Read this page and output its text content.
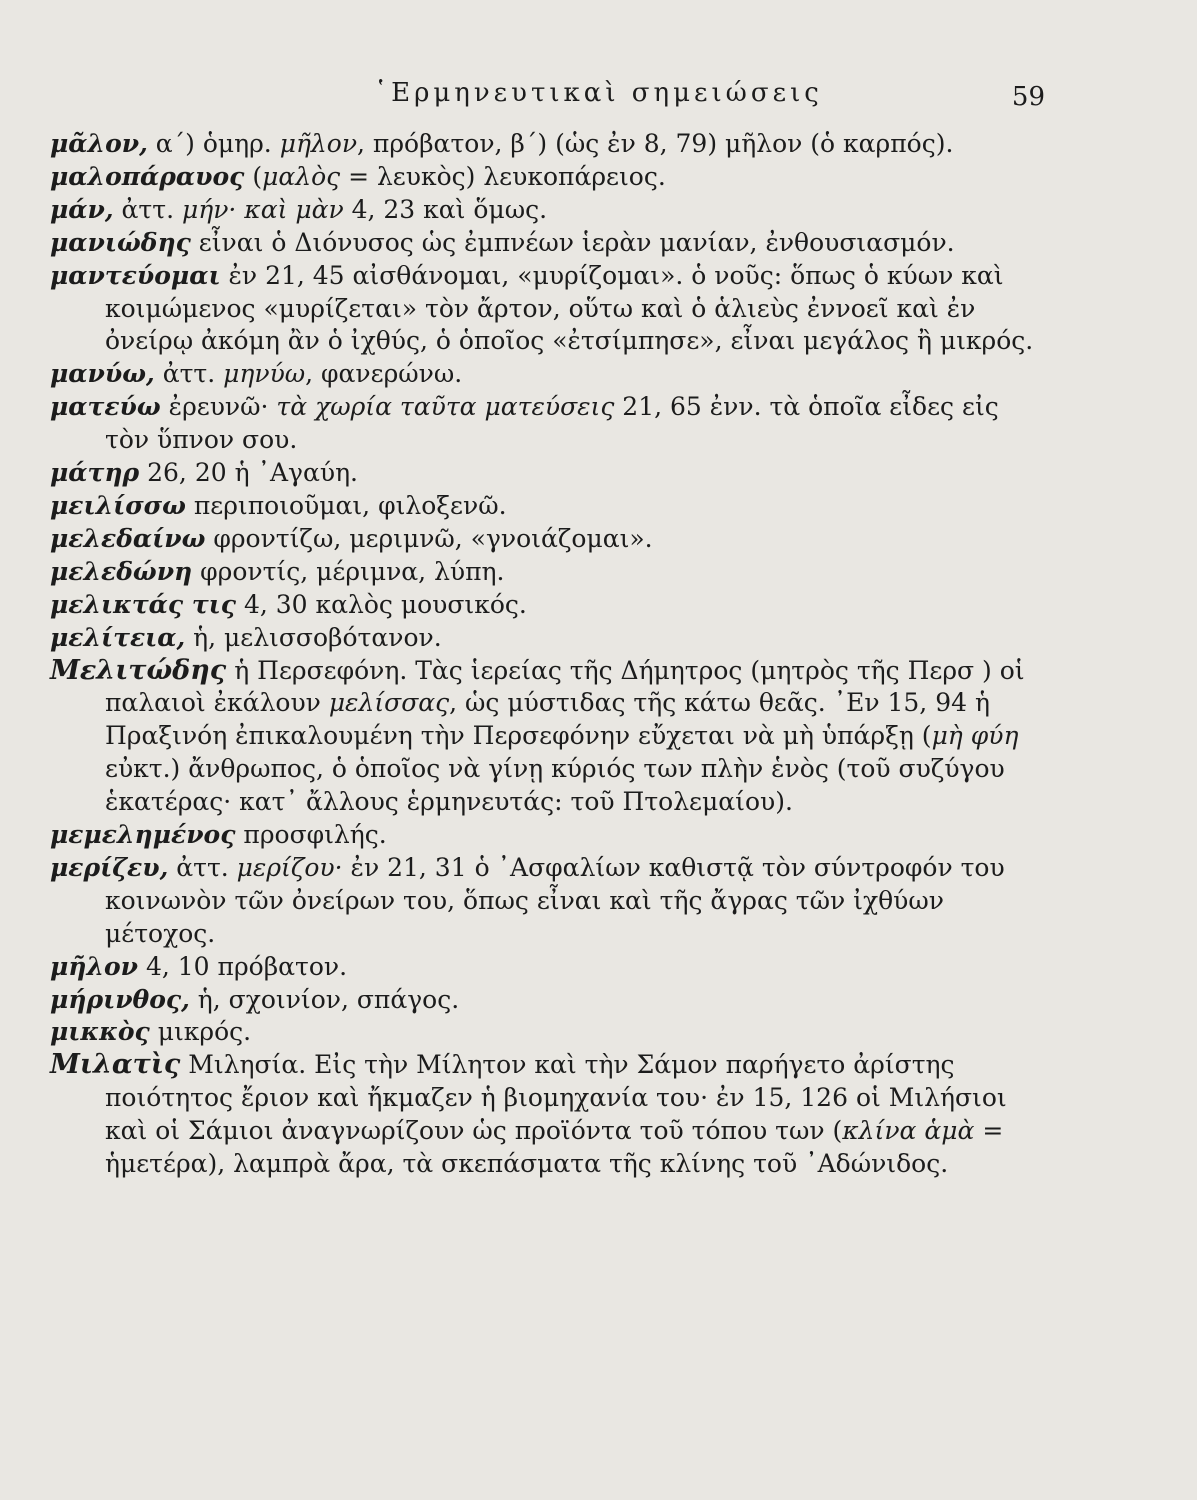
῾Ερμηνευτικαὶ σημειώσεις	59

μᾶλον, α΄) ὁμηρ. μῆλον, πρόβατον, β΄) (ὡς ἐν 8, 79) μῆλον (ὁ καρπός).

μαλοπάραυος (μαλὸς = λευκὸς) λευκοπάρειος.

μάν, ἀττ. μήν· καὶ μὰν 4, 23 καὶ ὅμως.

μανιώδης εἶναι ὁ Διόνυσος ὡς ἐμπνέων ἱερὰν μανίαν, ἐνθουσιασμόν.

μαντεύομαι ἐν 21, 45 αἰσθάνομαι, «μυρίζομαι». ὁ νοῦς: ὅπως ὁ κύων καὶ κοιμώμενος «μυρίζεται» τὸν ἄρτον, οὕτω καὶ ὁ ἁλιεὺς ἐννοεῖ καὶ ἐν ὀνείρῳ ἀκόμη ἂν ὁ ἰχθύς, ὁ ὁποῖος «ἐτσίμπησε», εἶναι μεγάλος ἢ μικρός.

μανύω, ἀττ. μηνύω, φανερώνω.

ματεύω ἐρευνῶ· τὰ χωρία ταῦτα ματεύσεις 21, 65 ἐνν. τὰ ὁποῖα εἶδες εἰς τὸν ὕπνον σου.

μάτηρ 26, 20 ἡ ᾿Αγαύη.

μειλίσσω περιποιοῦμαι, φιλοξενῶ.

μελεδαίνω φροντίζω, μεριμνῶ, «γνοιάζομαι».

μελεδώνη φροντίς, μέριμνα, λύπη.

μελικτάς τις 4, 30 καλὸς μουσικός.

μελίτεια, ἡ, μελισσοβότανον.

Μελιτώδης ἡ Περσεφόνη. Τὰς ἱερείας τῆς Δήμητρος (μητρὸς τῆς Περσ ) οἱ παλαιοὶ ἐκάλουν μελίσσας, ὡς μύστιδας τῆς κάτω θεᾶς. ᾿Εν 15, 94 ἡ Πραξινόη ἐπικαλουμένη τὴν Περσεφόνην εὔχεται νὰ μὴ ὑπάρξῃ (μὴ φύη εὐκτ.) ἄνθρωπος, ὁ ὁποῖος νὰ γίνῃ κύριός των πλὴν ἑνὸς (τοῦ συζύγου ἑκατέρας· κατ᾿ ἄλλους ἑρμηνευτάς: τοῦ Πτολεμαίου).

μεμελημένος προσφιλής.

μερίζευ, ἀττ. μερίζου· ἐν 21, 31 ὁ ᾿Ασφαλίων καθιστᾷ τὸν σύντροφόν του κοινωνὸν τῶν ὀνείρων του, ὅπως εἶναι καὶ τῆς ἄγρας τῶν ἰχθύων μέτοχος.

μῆλον 4, 10 πρόβατον.

μήρινθος, ἡ, σχοινίον, σπάγος.

μικκὸς μικρός.

Μιλατὶς Μιλησία. Εἰς τὴν Μίλητον καὶ τὴν Σάμον παρήγετο ἀρίστης ποιότητος ἔριον καὶ ἤκμαζεν ἡ βιομηχανία του· ἐν 15, 126 οἱ Μιλήσιοι καὶ οἱ Σάμιοι ἀναγνωρίζουν ὡς προϊόντα τοῦ τόπου των (κλίνα ἁμὰ = ἡμετέρα), λαμπρὰ ἄρα, τὰ σκεπάσματα τῆς κλίνης τοῦ ᾿Αδώνιδος.
